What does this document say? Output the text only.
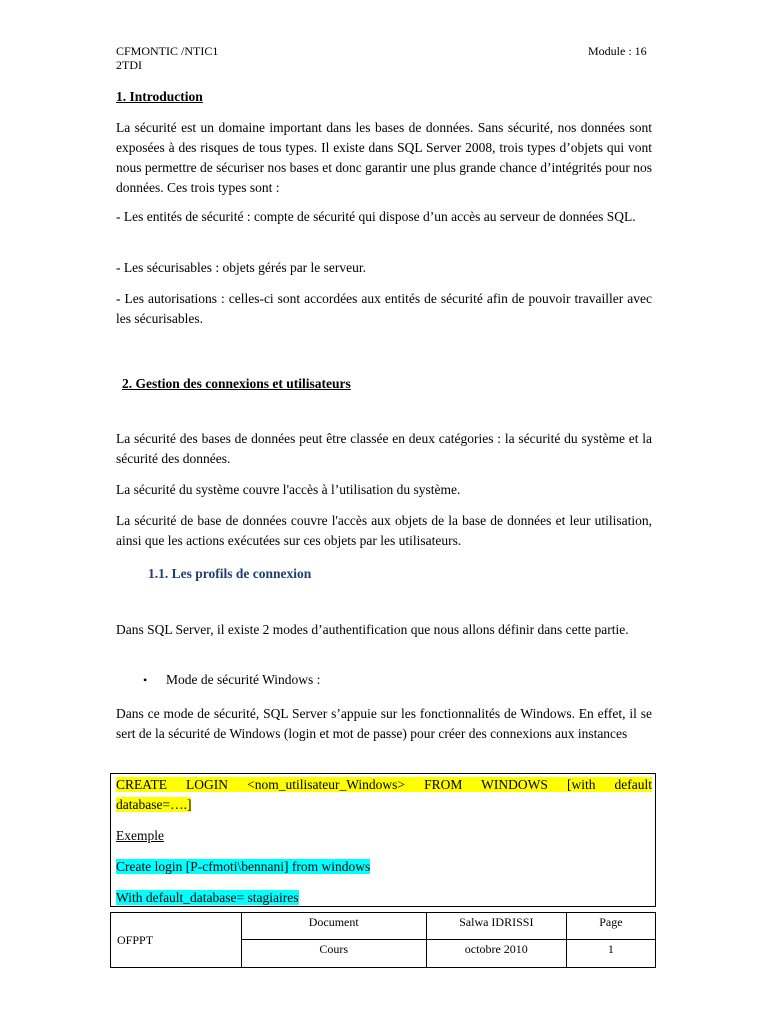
CFMONTIC /NTIC1
2TDI
Module : 16
1. Introduction
La sécurité est un domaine important dans les bases de données. Sans sécurité, nos données sont exposées à des risques de tous types. Il existe dans SQL Server 2008, trois types d’objets qui vont nous permettre de sécuriser nos bases et donc garantir une plus grande chance d’intégrités pour nos données. Ces trois types sont :
- Les entités de sécurité : compte de sécurité qui dispose d’un accès au serveur de données SQL.
- Les sécurisables : objets gérés par le serveur.
- Les autorisations : celles-ci sont accordées aux entités de sécurité afin de pouvoir travailler avec les sécurisables.
2. Gestion des connexions et utilisateurs
La sécurité des bases de données peut être classée en deux catégories : la sécurité du système et la sécurité des données.
La sécurité du système couvre l'accès à l’utilisation du système.
La sécurité de base de données couvre l'accès aux objets de la base de données et leur utilisation, ainsi que les actions exécutées sur ces objets par les utilisateurs.
1.1. Les profils de connexion
Dans SQL Server, il existe 2 modes d’authentification que nous allons définir dans cette partie.
• Mode de sécurité Windows :
Dans ce mode de sécurité, SQL Server s’appuie sur les fonctionnalités de Windows. En effet, il se sert de la sécurité de Windows (login et mot de passe) pour créer des connexions aux instances
CREATE LOGIN <nom_utilisateur_Windows> FROM WINDOWS [with default
database=….]
Exemple
Create login [P-cfmoti\bennani] from windows
With default_database= stagiaires
OFPPT	Document	Salwa IDRISSI	Page

	Cours	octobre 2010	1
